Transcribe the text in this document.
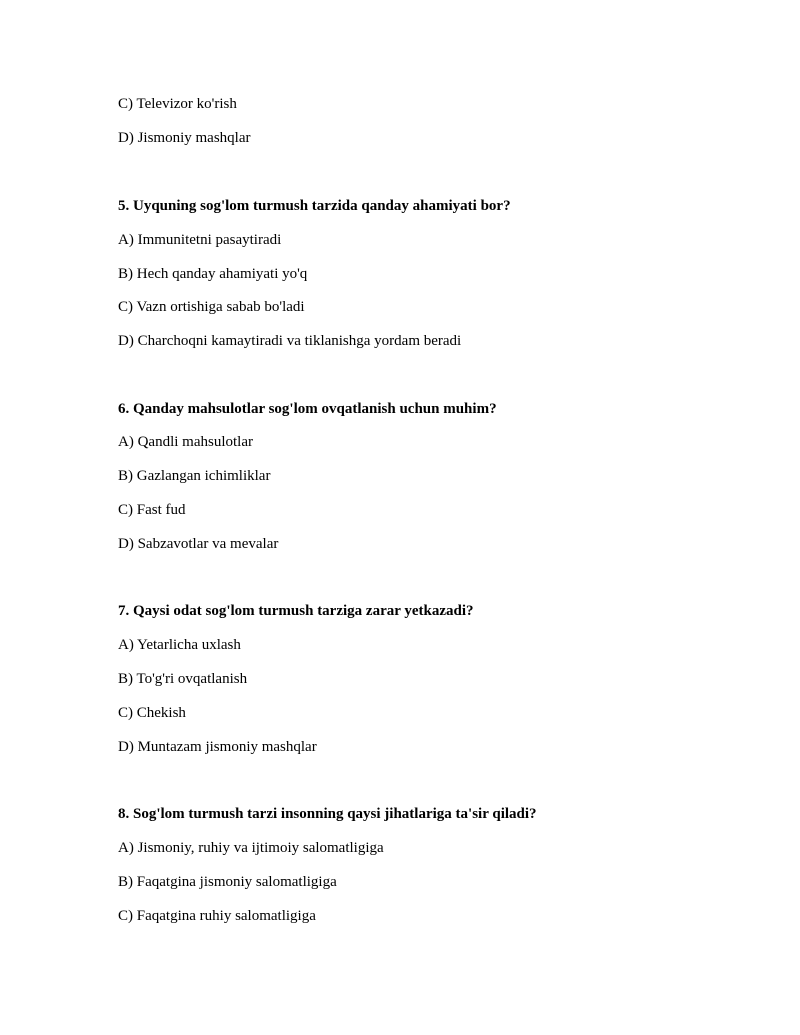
C) Televizor ko'rish
D) Jismoniy mashqlar
5. Uyquning sog'lom turmush tarzida qanday ahamiyati bor?
A) Immunitetni pasaytiradi
B) Hech qanday ahamiyati yo'q
C) Vazn ortishiga sabab bo'ladi
D) Charchoqni kamaytiradi va tiklanishga yordam beradi
6. Qanday mahsulotlar sog'lom ovqatlanish uchun muhim?
A) Qandli mahsulotlar
B) Gazlangan ichimliklar
C) Fast fud
D) Sabzavotlar va mevalar
7. Qaysi odat sog'lom turmush tarziga zarar yetkazadi?
A) Yetarlicha uxlash
B) To'g'ri ovqatlanish
C) Chekish
D) Muntazam jismoniy mashqlar
8. Sog'lom turmush tarzi insonning qaysi jihatlariga ta'sir qiladi?
A) Jismoniy, ruhiy va ijtimoiy salomatligiga
B) Faqatgina jismoniy salomatligiga
C) Faqatgina ruhiy salomatligiga
